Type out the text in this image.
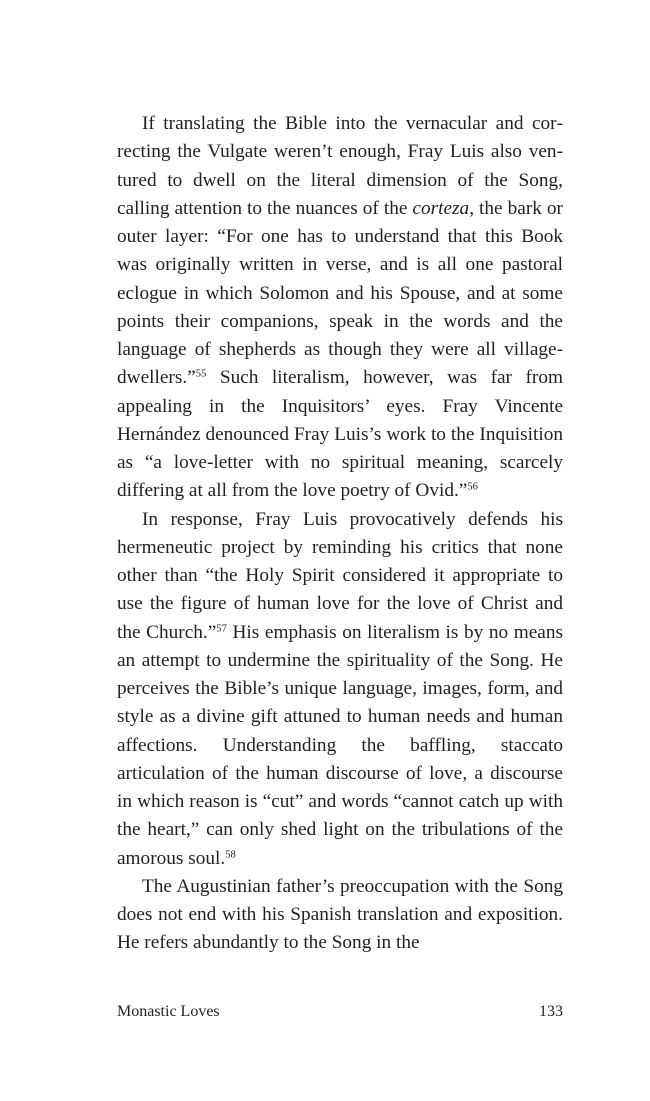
If translating the Bible into the vernacular and correcting the Vulgate weren’t enough, Fray Luis also ventured to dwell on the literal dimension of the Song, calling attention to the nuances of the corteza, the bark or outer layer: “For one has to understand that this Book was originally written in verse, and is all one pastoral eclogue in which Solomon and his Spouse, and at some points their companions, speak in the words and the language of shepherds as though they were all village-dwellers.”$^{55}$ Such literalism, however, was far from appealing in the Inquisitors’ eyes. Fray Vincente Hernández denounced Fray Luis’s work to the Inquisition as “a love-letter with no spiritual meaning, scarcely differing at all from the love poetry of Ovid.”$^{56}$

In response, Fray Luis provocatively defends his hermeneutic project by reminding his critics that none other than “the Holy Spirit considered it appropriate to use the figure of human love for the love of Christ and the Church.”$^{57}$ His emphasis on literalism is by no means an attempt to undermine the spirituality of the Song. He perceives the Bible’s unique language, images, form, and style as a divine gift attuned to human needs and human affections. Understanding the baffling, staccato articulation of the human discourse of love, a discourse in which reason is “cut” and words “cannot catch up with the heart,” can only shed light on the tribulations of the amorous soul.$^{58}$

The Augustinian father’s preoccupation with the Song does not end with his Spanish translation and exposition. He refers abundantly to the Song in the

Monastic Loves	133
